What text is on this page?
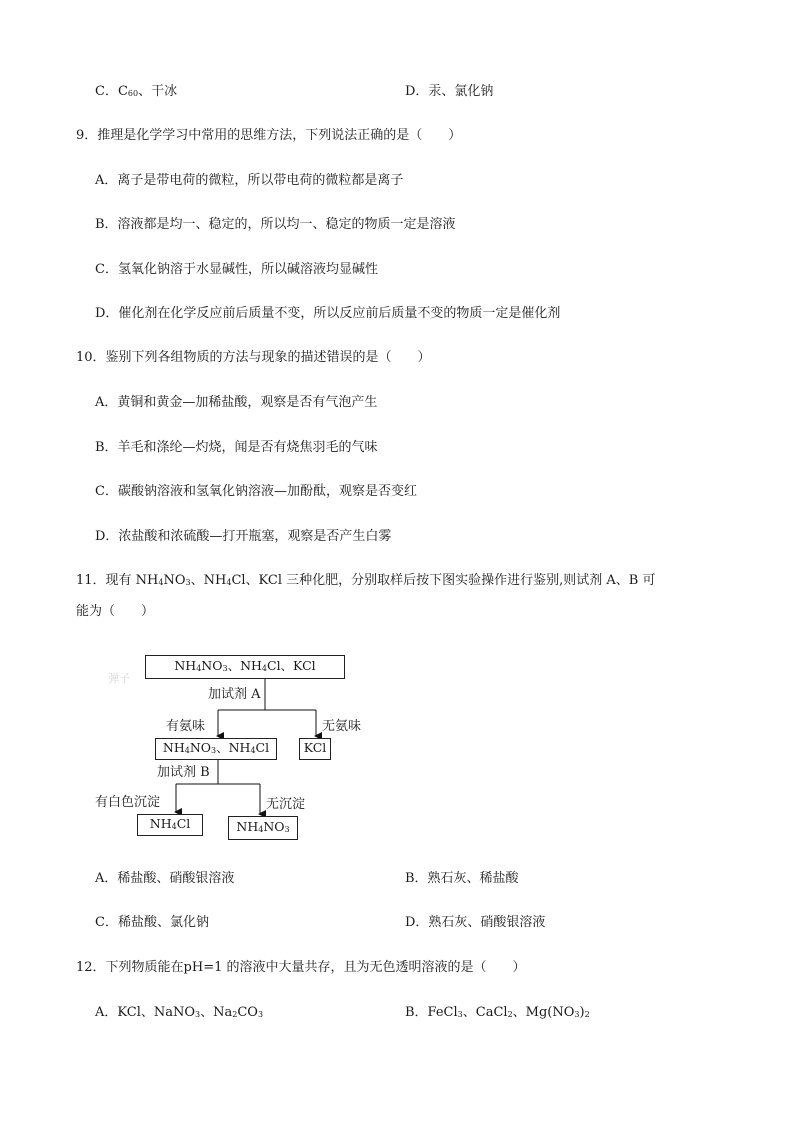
C．$C_{60}$、干冰	D．汞、氯化钠
9．推理是化学学习中常用的思维方法，下列说法正确的是（　　）
A．离子是带电荷的微粒，所以带电荷的微粒都是离子
B．溶液都是均一、稳定的，所以均一、稳定的物质一定是溶液
C．氢氧化钠溶于水显碱性，所以碱溶液均显碱性
D．催化剂在化学反应前后质量不变，所以反应前后质量不变的物质一定是催化剂
10．鉴别下列各组物质的方法与现象的描述错误的是（　　）
A．黄铜和黄金—加稀盐酸，观察是否有气泡产生
B．羊毛和涤纶—灼烧，闻是否有烧焦羽毛的气味
C．碳酸钠溶液和氢氧化钠溶液—加酚酞，观察是否变红
D．浓盐酸和浓硫酸—打开瓶塞，观察是否产生白雾
11．现有 $NH_4NO_3$、$NH_4Cl$、KCl 三种化肥，分别取样后按下图实验操作进行鉴别,则试剂 A、B 可
能为（　　）
弹子
$NH_4NO_3$、$NH_4Cl$、KCl
加试剂 A
有氨味	无氨味
$NH_4NO_3$、$NH_4Cl$	KCl
加试剂 B
有白色沉淀	无沉淀
$NH_4Cl$	$NH_4NO_3$
A．稀盐酸、硝酸银溶液	B．熟石灰、稀盐酸
C．稀盐酸、氯化钠	D．熟石灰、硝酸银溶液
12．下列物质能在pH=1 的溶液中大量共存，且为无色透明溶液的是（　　）
A．KCl、NaNO$_3$、$Na_2CO_3$	B．FeCl$_3$、CaCl$_2$、$Mg(NO_3)_2$
